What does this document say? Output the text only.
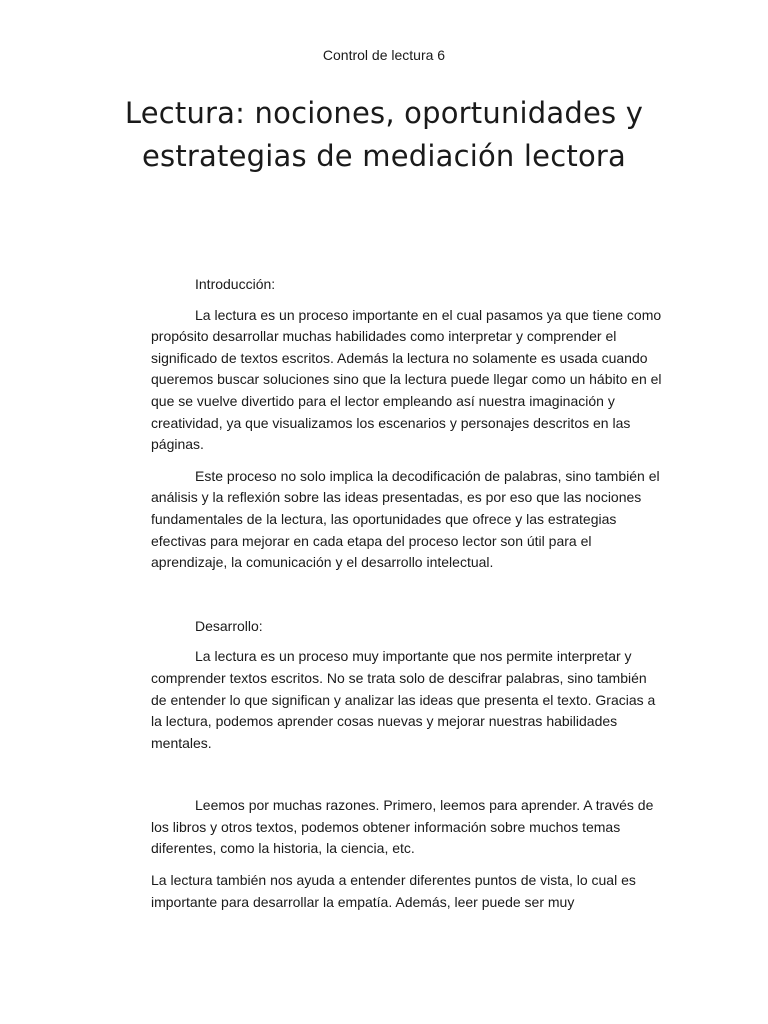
Control de lectura 6
Lectura: nociones, oportunidades y estrategias de mediación lectora

Introducción:

La lectura es un proceso importante en el cual pasamos ya que tiene como propósito desarrollar muchas habilidades como interpretar y comprender el significado de textos escritos. Además la lectura no solamente es usada cuando queremos buscar soluciones sino que la lectura puede llegar como un hábito en el que se vuelve divertido para el lector empleando así nuestra imaginación y creatividad, ya que visualizamos los escenarios y personajes descritos en las páginas.

Este proceso no solo implica la decodificación de palabras, sino también el análisis y la reflexión sobre las ideas presentadas, es por eso que las nociones fundamentales de la lectura, las oportunidades que ofrece y las estrategias efectivas para mejorar en cada etapa del proceso lector son útil para el aprendizaje, la comunicación y el desarrollo intelectual.

Desarrollo:

La lectura es un proceso muy importante que nos permite interpretar y comprender textos escritos. No se trata solo de descifrar palabras, sino también de entender lo que significan y analizar las ideas que presenta el texto. Gracias a la lectura, podemos aprender cosas nuevas y mejorar nuestras habilidades mentales.

Leemos por muchas razones. Primero, leemos para aprender. A través de los libros y otros textos, podemos obtener información sobre muchos temas diferentes, como la historia, la ciencia, etc.

La lectura también nos ayuda a entender diferentes puntos de vista, lo cual es importante para desarrollar la empatía. Además, leer puede ser muy
